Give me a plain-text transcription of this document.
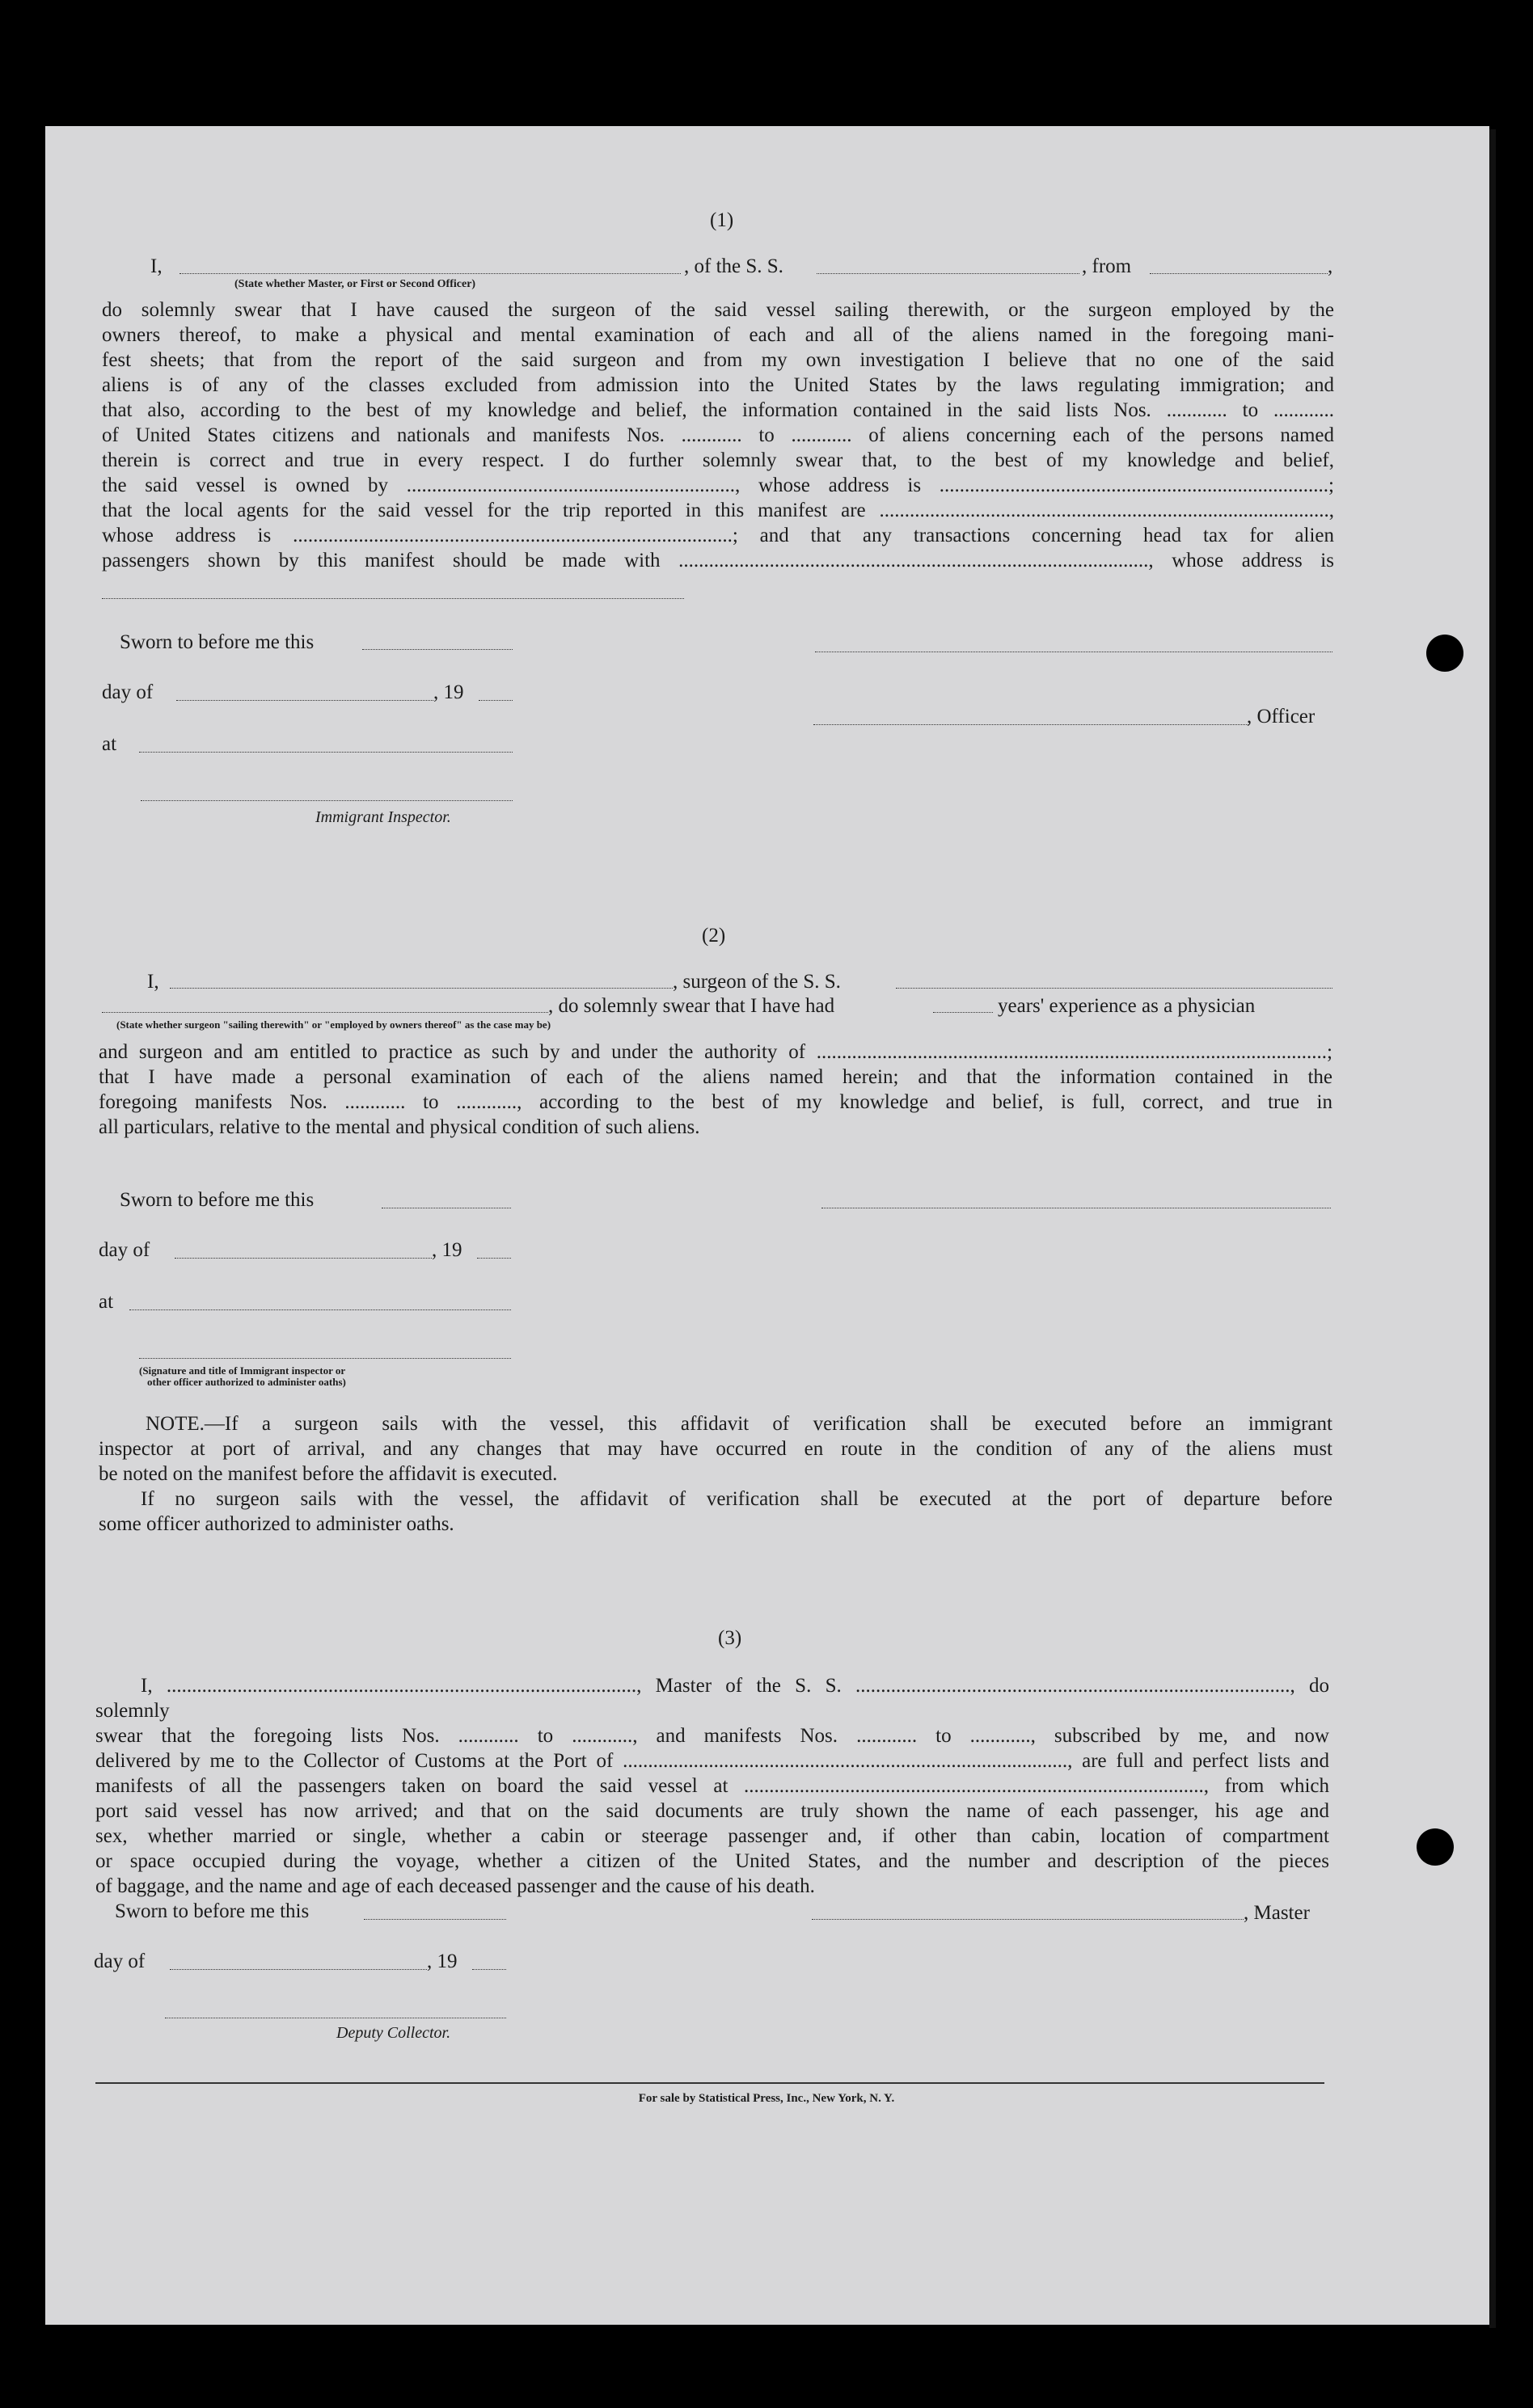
(1)
I,	, of the S. S.	, from	,
(State whether Master, or First or Second Officer)

do solemnly swear that I have caused the surgeon of the said vessel sailing therewith, or the surgeon employed by the

owners thereof, to make a physical and mental examination of each and all of the aliens named in the foregoing mani-

fest sheets; that from the report of the said surgeon and from my own investigation I believe that no one of the said

aliens is of any of the classes excluded from admission into the United States by the laws regulating immigration; and

that also, according to the best of my knowledge and belief, the information contained in the said lists Nos. ............ to ............

of United States citizens and nationals and manifests Nos. ............ to ............ of aliens concerning each of the persons named

therein is correct and true in every respect. I do further solemnly swear that, to the best of my knowledge and belief,

the said vessel is owned by ................................................................., whose address is .............................................................................;

that the local agents for the said vessel for the trip reported in this manifest are .........................................................................................,

whose address is .......................................................................................; and that any transactions concerning head tax for alien

passengers shown by this manifest should be made with ............................................................................................., whose address is

Sworn to before me this
day of	, 19
at
Immigrant Inspector.
, Officer
(2)
I,	, surgeon of the S. S.
, do solemnly swear that I have had	years' experience as a physician
(State whether surgeon "sailing therewith" or "employed by owners thereof" as the case may be)

and surgeon and am entitled to practice as such by and under the authority of .....................................................................................................;

that I have made a personal examination of each of the aliens named herein; and that the information contained in the

foregoing manifests Nos. ............ to ............, according to the best of my knowledge and belief, is full, correct, and true in

all particulars, relative to the mental and physical condition of such aliens.

Sworn to before me this
day of	, 19
at
(Signature and title of Immigrant inspector or
other officer authorized to administer oaths)

NOTE.—If a surgeon sails with the vessel, this affidavit of verification shall be executed before an immigrant

inspector at port of arrival, and any changes that may have occurred en route in the condition of any of the aliens must

be noted on the manifest before the affidavit is executed.

If no surgeon sails with the vessel, the affidavit of verification shall be executed at the port of departure before

some officer authorized to administer oaths.

(3)

I, ............................................................................................., Master of the S. S. ......................................................................................, do solemnly

swear that the foregoing lists Nos. ............ to ............, and manifests Nos. ............ to ............, subscribed by me, and now

delivered by me to the Collector of Customs at the Port of ........................................................................................, are full and perfect lists and

manifests of all the passengers taken on board the said vessel at ..........................................................................................., from which

port said vessel has now arrived; and that on the said documents are truly shown the name of each passenger, his age and

sex, whether married or single, whether a cabin or steerage passenger and, if other than cabin, location of compartment

or space occupied during the voyage, whether a citizen of the United States, and the number and description of the pieces

of baggage, and the name and age of each deceased passenger and the cause of his death.

Sworn to before me this	, Master
day of	, 19
Deputy Collector.
For sale by Statistical Press, Inc., New York, N. Y.
